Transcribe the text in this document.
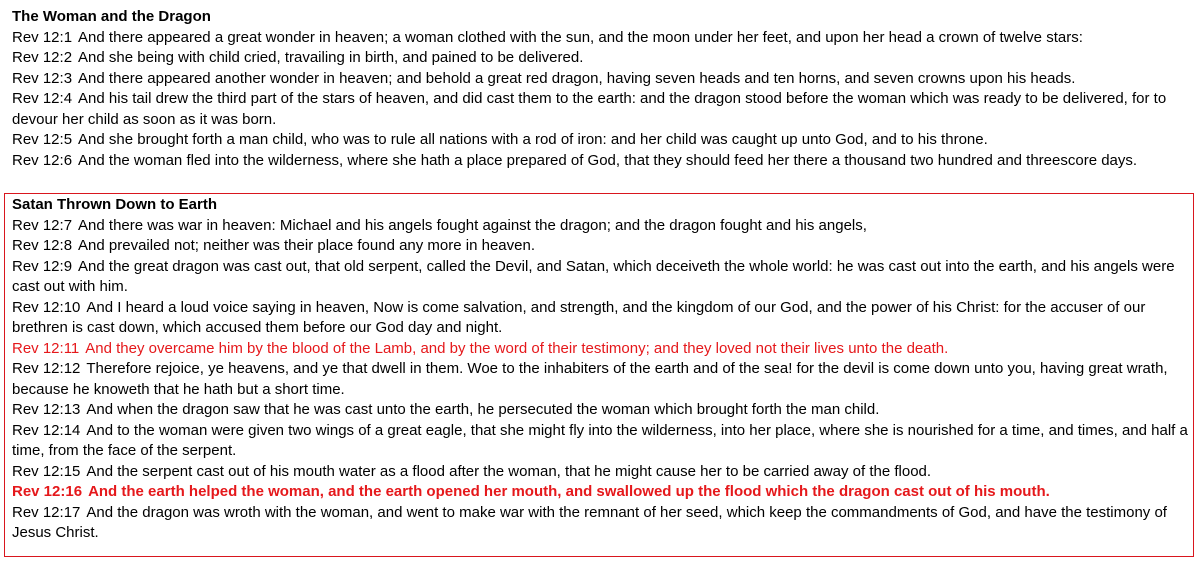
The Woman and the Dragon
Rev 12:1 And there appeared a great wonder in heaven; a woman clothed with the sun, and the moon under her feet, and upon her head a crown of twelve stars:
Rev 12:2 And she being with child cried, travailing in birth, and pained to be delivered.
Rev 12:3 And there appeared another wonder in heaven; and behold a great red dragon, having seven heads and ten horns, and seven crowns upon his heads.
Rev 12:4 And his tail drew the third part of the stars of heaven, and did cast them to the earth: and the dragon stood before the woman which was ready to be delivered, for to devour her child as soon as it was born.
Rev 12:5 And she brought forth a man child, who was to rule all nations with a rod of iron: and her child was caught up unto God, and to his throne.
Rev 12:6 And the woman fled into the wilderness, where she hath a place prepared of God, that they should feed her there a thousand two hundred and threescore days.
Satan Thrown Down to Earth
Rev 12:7 And there was war in heaven: Michael and his angels fought against the dragon; and the dragon fought and his angels,
Rev 12:8 And prevailed not; neither was their place found any more in heaven.
Rev 12:9 And the great dragon was cast out, that old serpent, called the Devil, and Satan, which deceiveth the whole world: he was cast out into the earth, and his angels were cast out with him.
Rev 12:10 And I heard a loud voice saying in heaven, Now is come salvation, and strength, and the kingdom of our God, and the power of his Christ: for the accuser of our brethren is cast down, which accused them before our God day and night.
Rev 12:11 And they overcame him by the blood of the Lamb, and by the word of their testimony; and they loved not their lives unto the death.
Rev 12:12 Therefore rejoice, ye heavens, and ye that dwell in them. Woe to the inhabiters of the earth and of the sea! for the devil is come down unto you, having great wrath, because he knoweth that he hath but a short time.
Rev 12:13 And when the dragon saw that he was cast unto the earth, he persecuted the woman which brought forth the man child.
Rev 12:14 And to the woman were given two wings of a great eagle, that she might fly into the wilderness, into her place, where she is nourished for a time, and times, and half a time, from the face of the serpent.
Rev 12:15 And the serpent cast out of his mouth water as a flood after the woman, that he might cause her to be carried away of the flood.
Rev 12:16 And the earth helped the woman, and the earth opened her mouth, and swallowed up the flood which the dragon cast out of his mouth.
Rev 12:17 And the dragon was wroth with the woman, and went to make war with the remnant of her seed, which keep the commandments of God, and have the testimony of Jesus Christ.
